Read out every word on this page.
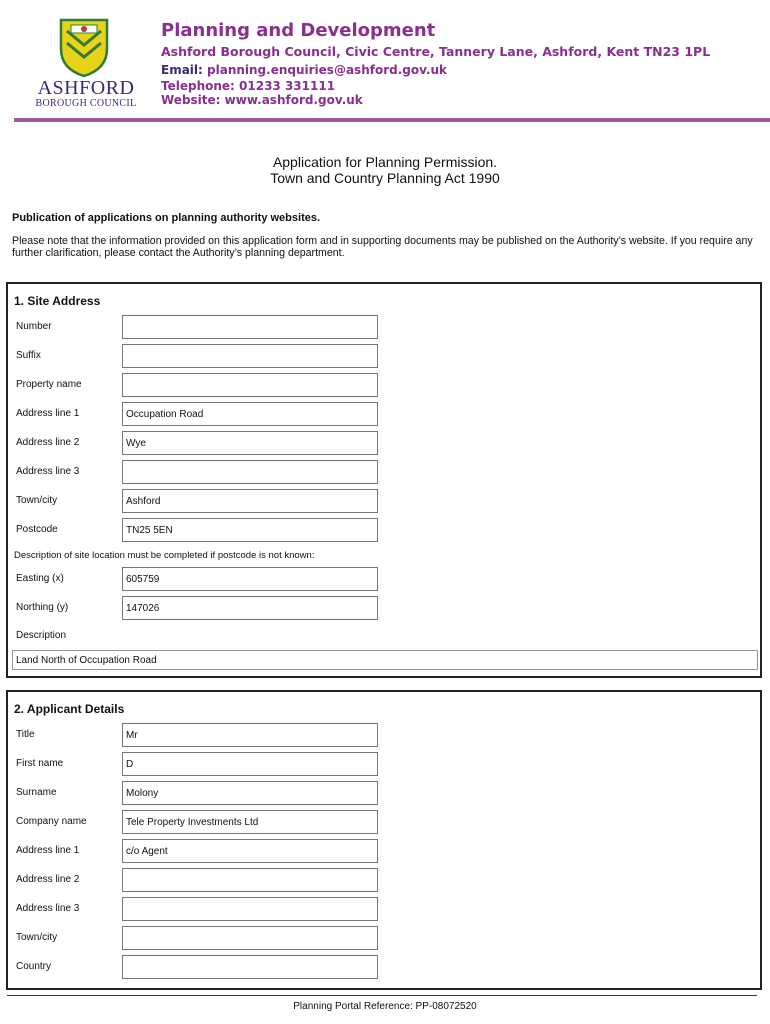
ASHFORD
BOROUGH COUNCIL
Planning and Development
Ashford Borough Council, Civic Centre, Tannery Lane, Ashford, Kent TN23 1PL
Email: planning.enquiries@ashford.gov.uk
Telephone: 01233 331111
Website: www.ashford.gov.uk
Application for Planning Permission.
Town and Country Planning Act 1990
Publication of applications on planning authority websites.
Please note that the information provided on this application form and in supporting documents may be published on the Authority’s website. If you require any further clarification, please contact the Authority’s planning department.
1. Site Address
Number
Suffix
Property name
Address line 1	Occupation Road
Address line 2	Wye
Address line 3
Town/city	Ashford
Postcode	TN25 5EN
Description of site location must be completed if postcode is not known:
Easting (x)	605759
Northing (y)	147026
Description
Land North of Occupation Road
2. Applicant Details
Title	Mr
First name	D
Surname	Molony
Company name	Tele Property Investments Ltd
Address line 1	c/o Agent
Address line 2
Address line 3
Town/city
Country
Planning Portal Reference: PP-08072520
